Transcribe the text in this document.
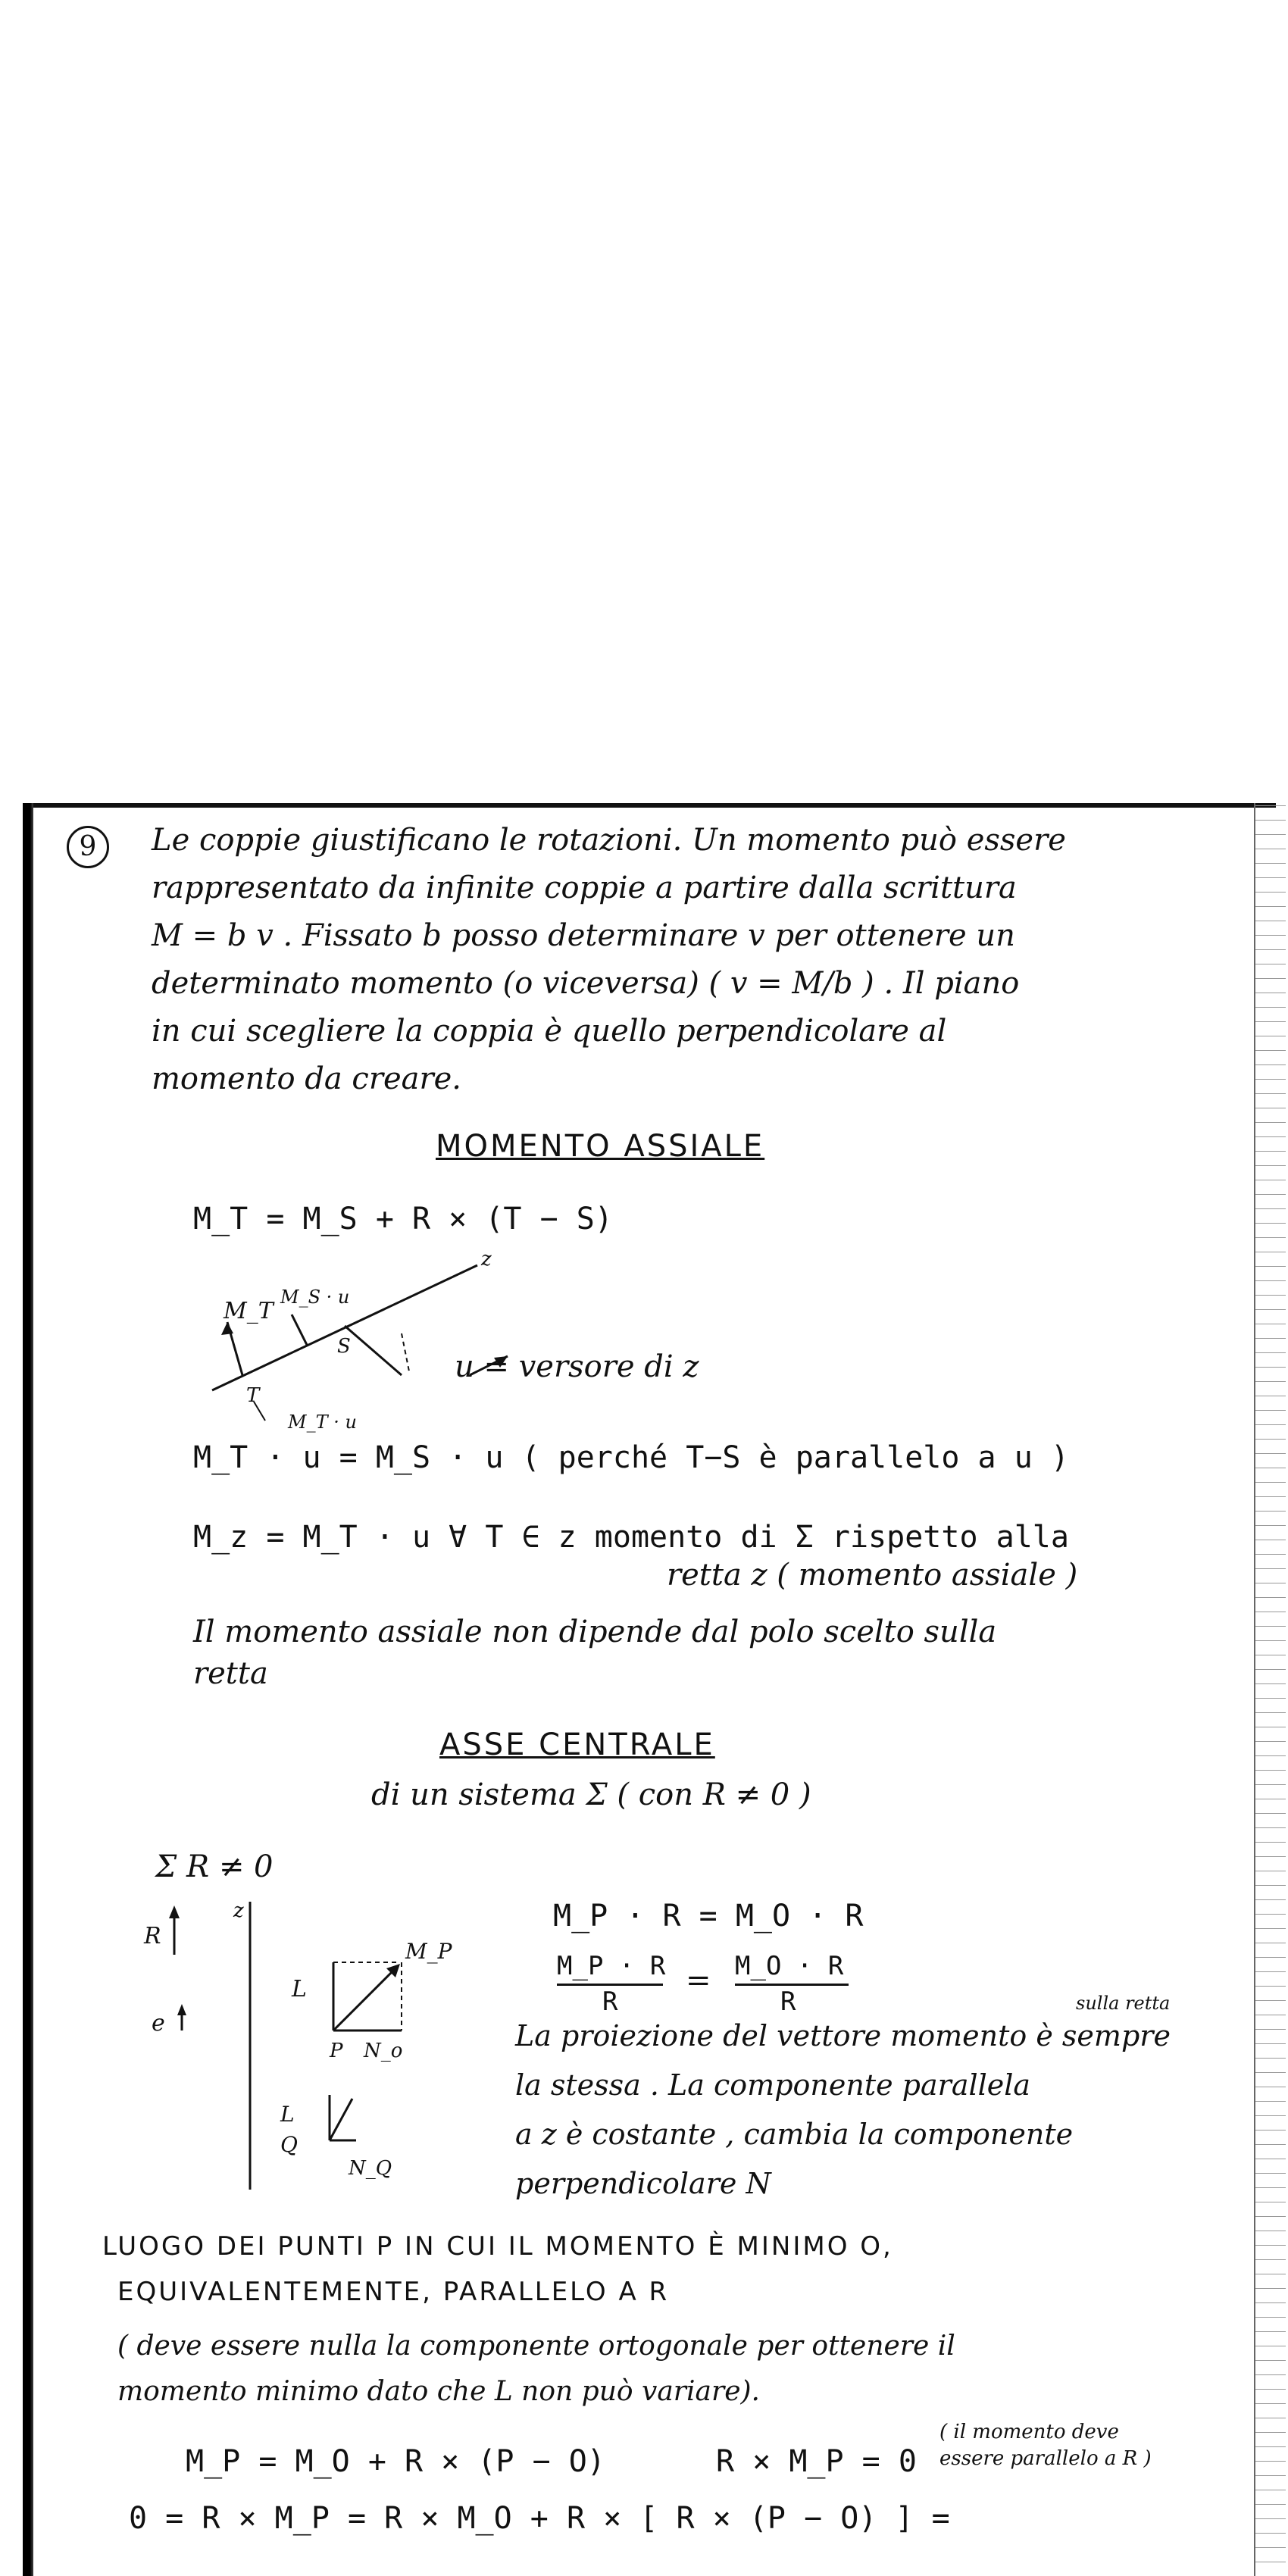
9	Le coppie giustificano le rotazioni. Un momento può essere
rappresentato da infinite coppie a partire dalla scrittura
M = b v . Fissato b posso determinare v per ottenere un
determinato momento (o viceversa) ( v = M/b ) . Il piano
in cui scegliere la coppia è quello perpendicolare al
momento da creare.
MOMENTO ASSIALE
M_T = M_S + R × (T − S)
M_T
M_S · u
S
T
z
M_T · u
u = versore di z
M_T · u = M_S · u ( perché T−S è parallelo a u )
M_z = M_T · u ∀ T ∈ z momento di Σ rispetto alla
retta z ( momento assiale )
Il momento assiale non dipende dal polo scelto sulla
retta
ASSE CENTRALE
di un sistema Σ ( con R ≠ 0 )
Σ R ≠ 0
R
e
z
L
P
M_P
N_o
L
Q
N_Q
M_P · R = M_O · R
M_P · R
R
= M_O · R
R	sulla retta
La proiezione del vettore momento è sempre
la stessa . La componente parallela
a z è costante , cambia la componente
perpendicolare N
LUOGO DEI PUNTI P IN CUI IL MOMENTO È MINIMO O,
EQUIVALENTEMENTE, PARALLELO A R
( deve essere nulla la componente ortogonale per ottenere il
momento minimo dato che L non può variare).
M_P = M_O + R × (P − O)	R × M_P = 0
( il momento deve
essere parallelo a R )
0 = R × M_P = R × M_O + R × [ R × (P − O) ] =
